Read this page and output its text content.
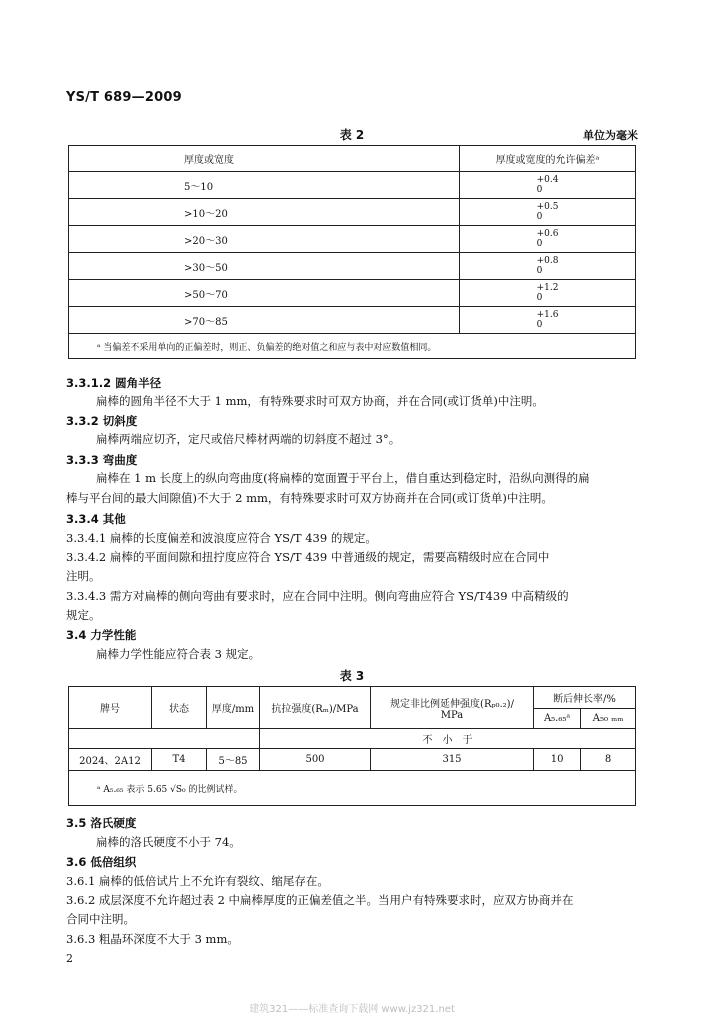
YS/T 689—2009
表 2	单位为毫米
厚度或宽度	厚度或宽度的允许偏差ᵃ
5～10	+0.4
0

>10～20	+0.5
0

>20～30	+0.6
0

>30～50	+0.8
0

>50～70	+1.2
0

>70～85	+1.6
0

ᵃ 当偏差不采用单向的正偏差时，则正、负偏差的绝对值之和应与表中对应数值相同。	
3.3.1.2 圆角半径
扁棒的圆角半径不大于 1 mm，有特殊要求时可双方协商，并在合同(或订货单)中注明。
3.3.2 切斜度
扁棒两端应切齐，定尺或倍尺棒材两端的切斜度不超过 3°。
3.3.3 弯曲度
扁棒在 1 m 长度上的纵向弯曲度(将扁棒的宽面置于平台上，借自重达到稳定时，沿纵向测得的扁
棒与平台间的最大间隙值)不大于 2 mm，有特殊要求时可双方协商并在合同(或订货单)中注明。
3.3.4 其他
3.3.4.1 扁棒的长度偏差和波浪度应符合 YS/T 439 的规定。
3.3.4.2 扁棒的平面间隙和扭拧度应符合 YS/T 439 中普通级的规定，需要高精级时应在合同中
注明。
3.3.4.3 需方对扁棒的侧向弯曲有要求时，应在合同中注明。侧向弯曲应符合 YS/T439 中高精级的
规定。
3.4 力学性能
扁棒力学性能应符合表 3 规定。
表 3
牌号	状态	厚度/mm	抗拉强度(Rₘ)/MPa	规定非比例延伸强度(Rₚ₀.₂)/
MPa	断后伸长率/%	
					A₅.₆₅ᵃ	A₅₀ ₘₘ
			不　小　于			
2024、2A12	T4	5～85	500	315	10	8
ᵃ A₅.₆₅ 表示 5.65 √S₀ 的比例试样。						
3.5 洛氏硬度
扁棒的洛氏硬度不小于 74。
3.6 低倍组织
3.6.1 扁棒的低倍试片上不允许有裂纹、缩尾存在。
3.6.2 成层深度不允许超过表 2 中扁棒厚度的正偏差值之半。当用户有特殊要求时，应双方协商并在
合同中注明。
3.6.3 粗晶环深度不大于 3 mm。
2
建筑321——标准查询下载网 www.jz321.net
